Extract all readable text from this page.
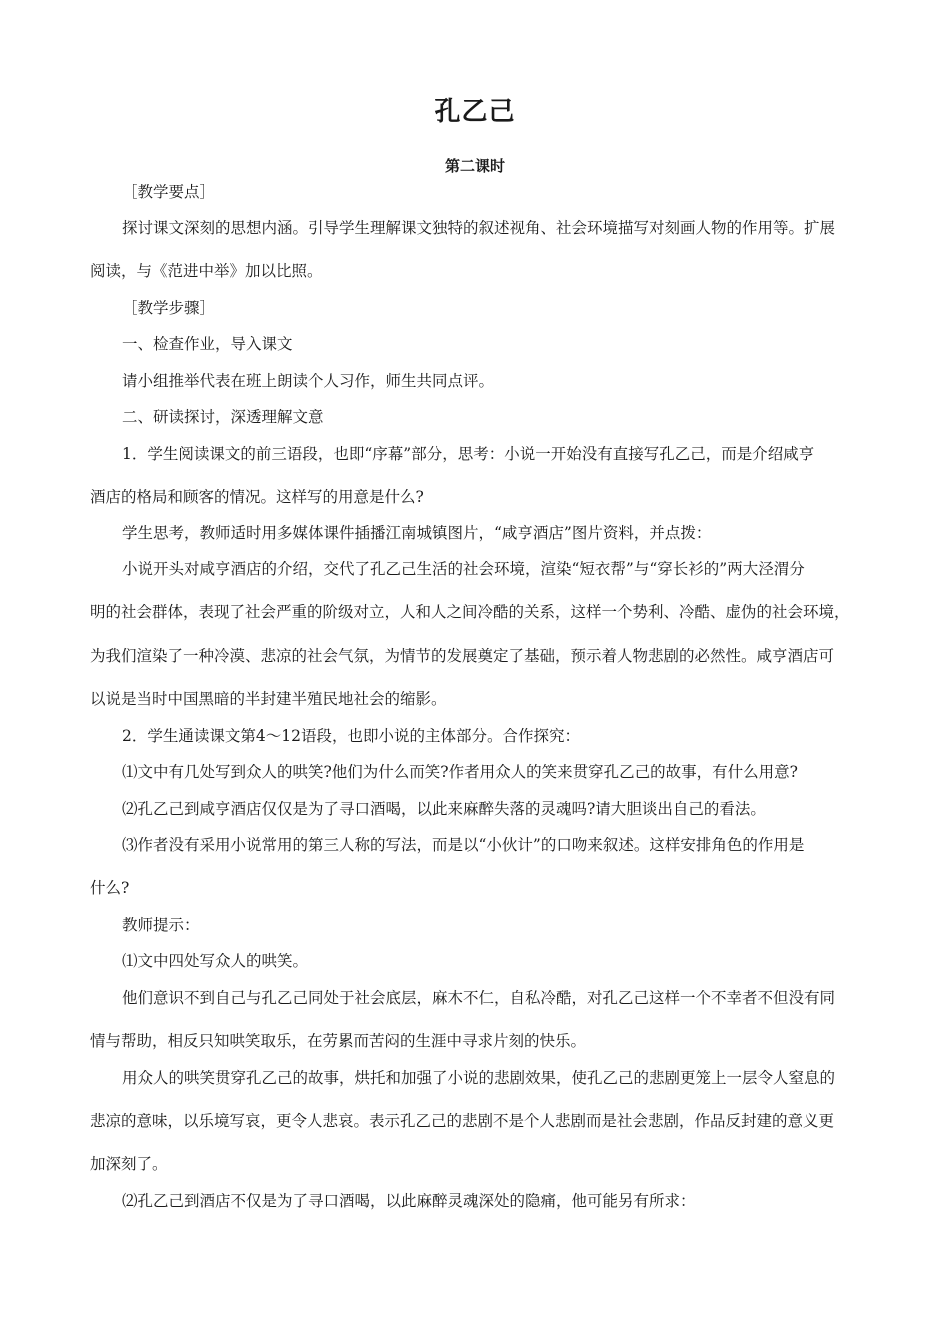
孔乙己
第二课时
［教学要点］
探讨课文深刻的思想内涵。引导学生理解课文独特的叙述视角、社会环境描写对刻画人物的作用等。扩展
阅读，与《范进中举》加以比照。
［教学步骤］
一、检查作业，导入课文
请小组推举代表在班上朗读个人习作，师生共同点评。
二、研读探讨，深透理解文意
1．学生阅读课文的前三语段，也即“序幕”部分，思考：小说一开始没有直接写孔乙己，而是介绍咸亨
酒店的格局和顾客的情况。这样写的用意是什么?
学生思考，教师适时用多媒体课件插播江南城镇图片，“咸亨酒店”图片资料，并点拨：
小说开头对咸亨酒店的介绍，交代了孔乙己生活的社会环境，渲染“短衣帮”与“穿长衫的”两大泾渭分
明的社会群体，表现了社会严重的阶级对立，人和人之间冷酷的关系，这样一个势利、冷酷、虚伪的社会环境，
为我们渲染了一种冷漠、悲凉的社会气氛，为情节的发展奠定了基础，预示着人物悲剧的必然性。咸亨酒店可
以说是当时中国黑暗的半封建半殖民地社会的缩影。
2．学生通读课文第4～12语段，也即小说的主体部分。合作探究：
⑴文中有几处写到众人的哄笑?他们为什么而笑?作者用众人的笑来贯穿孔乙己的故事，有什么用意?
⑵孔乙己到咸亨酒店仅仅是为了寻口酒喝，以此来麻醉失落的灵魂吗?请大胆谈出自己的看法。
⑶作者没有采用小说常用的第三人称的写法，而是以“小伙计”的口吻来叙述。这样安排角色的作用是
什么?
教师提示：
⑴文中四处写众人的哄笑。
他们意识不到自己与孔乙己同处于社会底层，麻木不仁，自私冷酷，对孔乙己这样一个不幸者不但没有同
情与帮助，相反只知哄笑取乐，在劳累而苦闷的生涯中寻求片刻的快乐。
用众人的哄笑贯穿孔乙己的故事，烘托和加强了小说的悲剧效果，使孔乙己的悲剧更笼上一层令人窒息的
悲凉的意味，以乐境写哀，更令人悲哀。表示孔乙己的悲剧不是个人悲剧而是社会悲剧，作品反封建的意义更
加深刻了。
⑵孔乙己到酒店不仅是为了寻口酒喝，以此麻醉灵魂深处的隐痛，他可能另有所求：
